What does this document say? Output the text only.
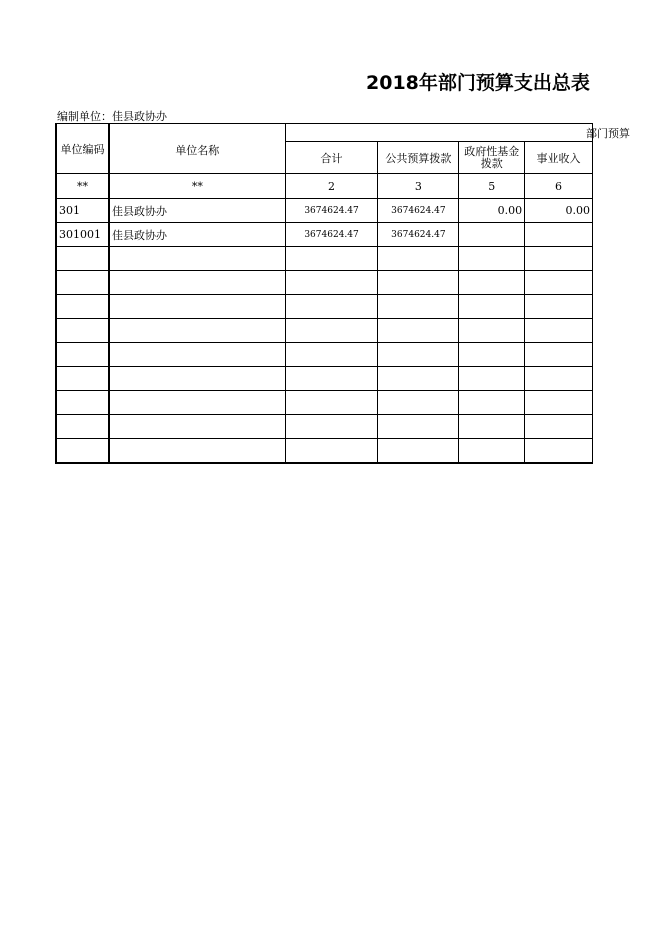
2018年部门预算支出总表
编制单位：佳县政协办
单位编码	单位名称	部门预算			
		合计	公共预算拨款	政府性基金拨款	事业收入
**	**	2	3	5	6
301	佳县政协办	3674624.47	3674624.47	0.00	0.00
301001	佳县政协办	3674624.47	3674624.47		
